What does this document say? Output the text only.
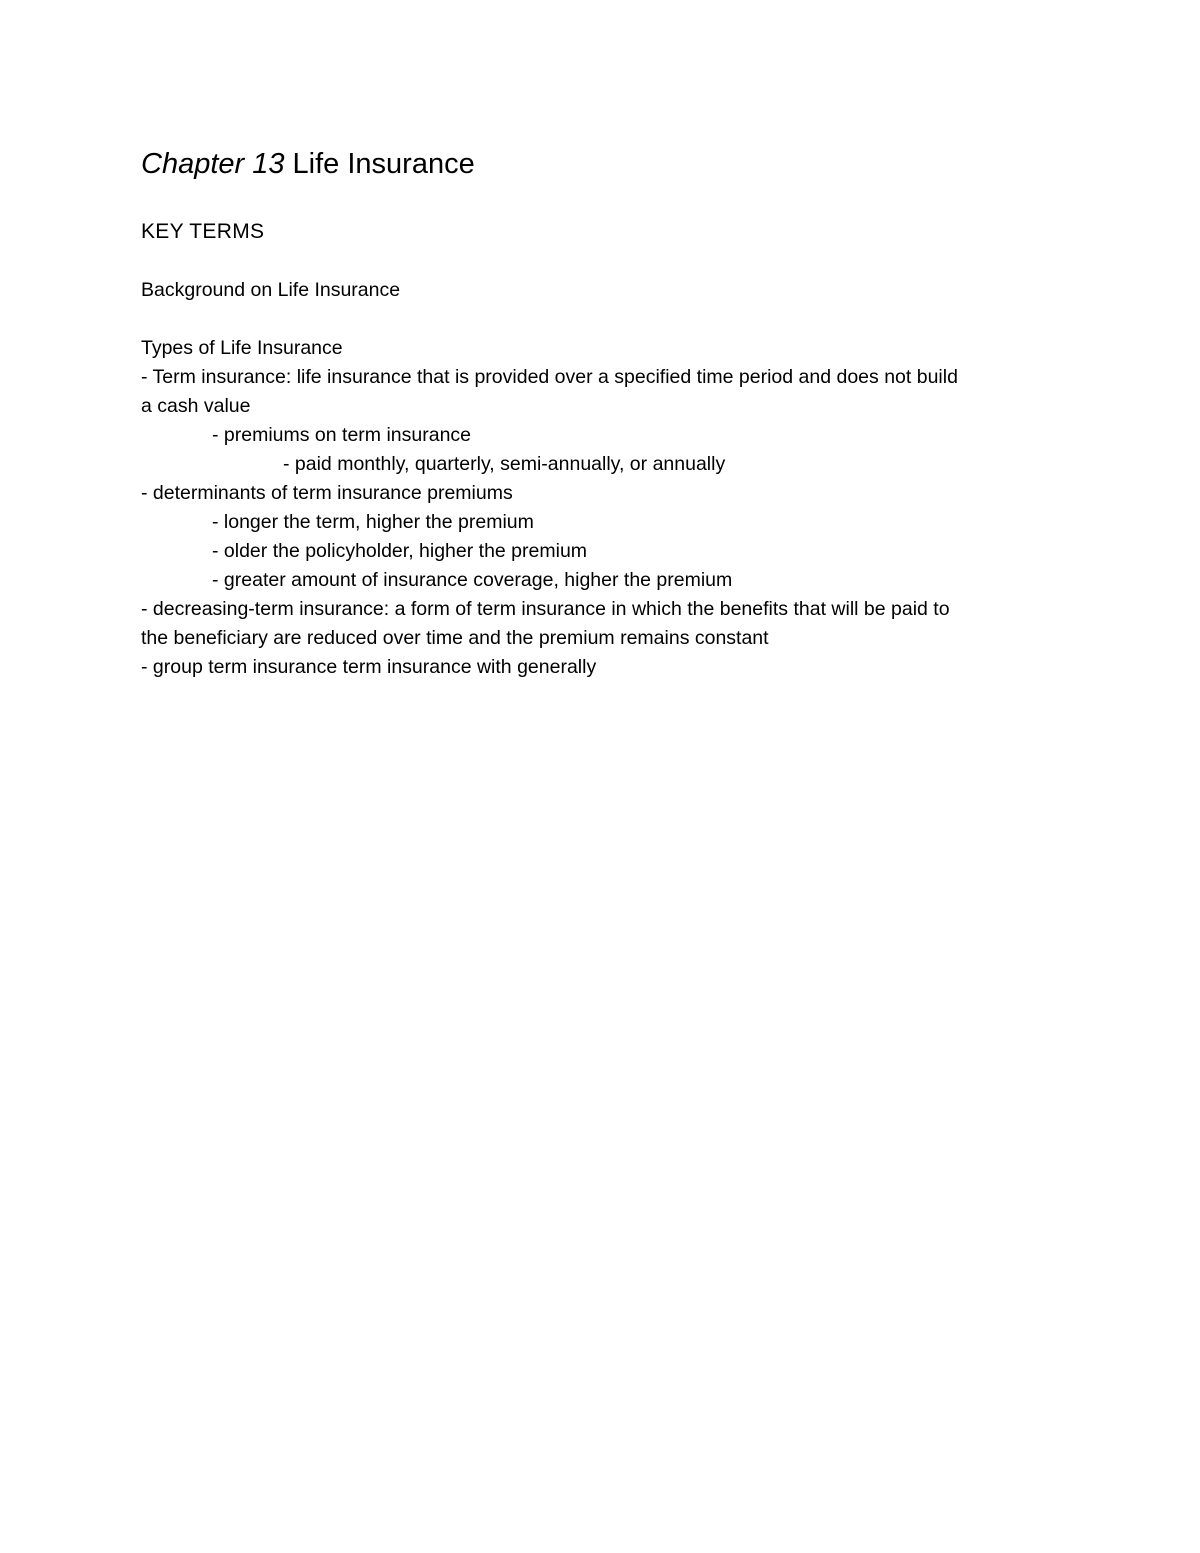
Chapter 13 Life Insurance
KEY TERMS

Background on Life Insurance

Types of Life Insurance

- Term insurance: life insurance that is provided over a specified time period and does not build

a cash value

- premiums on term insurance

- paid monthly, quarterly, semi-annually, or annually

- determinants of term insurance premiums

- longer the term, higher the premium

- older the policyholder, higher the premium

- greater amount of insurance coverage, higher the premium

- decreasing-term insurance: a form of term insurance in which the benefits that will be paid to

the beneficiary are reduced over time and the premium remains constant

- group term insurance term insurance with generally
